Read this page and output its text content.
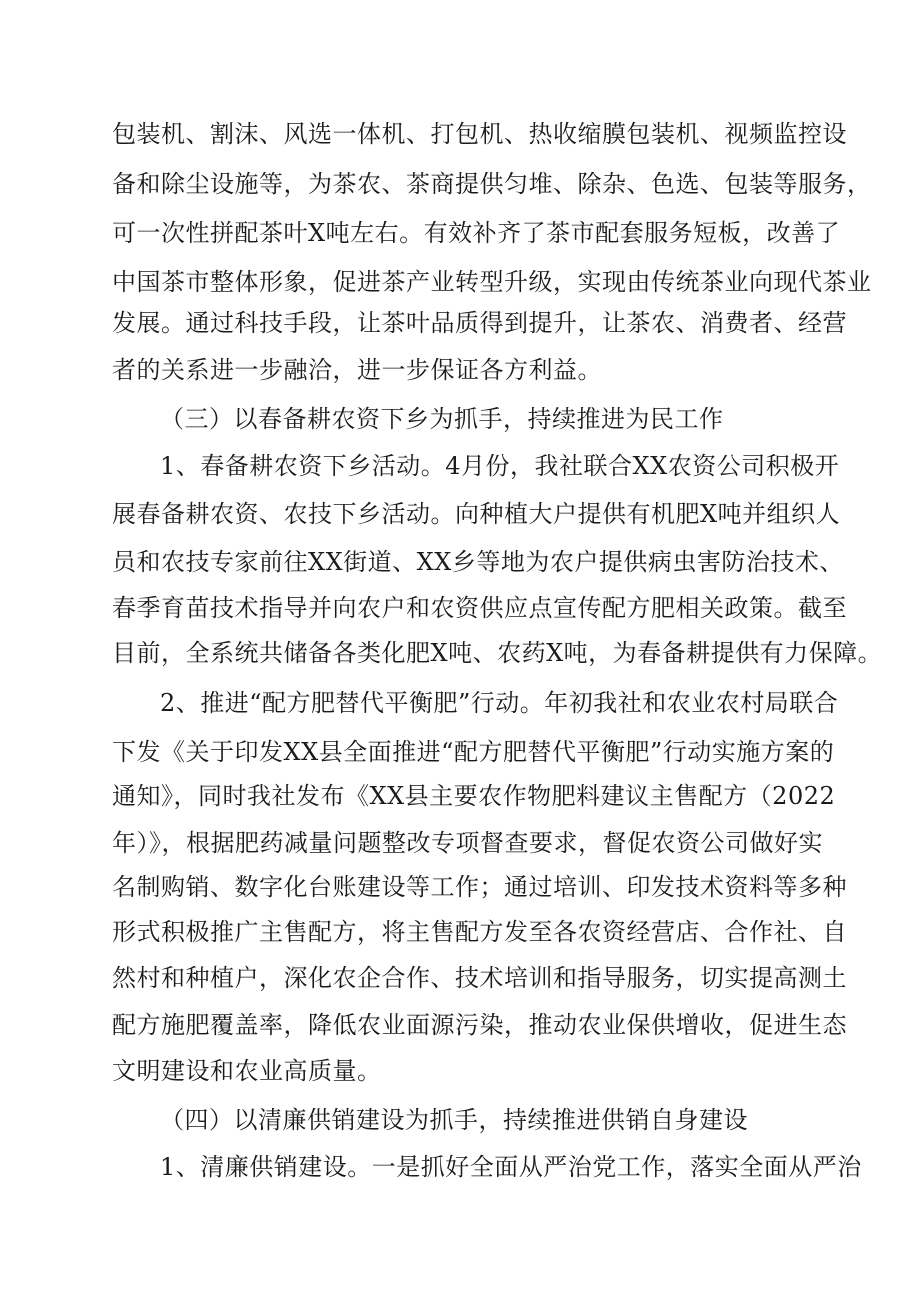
包装机、割沫、风选一体机、打包机、热收缩膜包装机、视频监控设
备和除尘设施等，为茶农、茶商提供匀堆、除杂、色选、包装等服务，
可一次性拼配茶叶X吨左右。有效补齐了茶市配套服务短板，改善了
中国茶市整体形象，促进茶产业转型升级，实现由传统茶业向现代茶业
发展。通过科技手段，让茶叶品质得到提升，让茶农、消费者、经营
者的关系进一步融洽，进一步保证各方利益。
（三）以春备耕农资下乡为抓手，持续推进为民工作
1、春备耕农资下乡活动。4月份，我社联合XX农资公司积极开
展春备耕农资、农技下乡活动。向种植大户提供有机肥X吨并组织人
员和农技专家前往XX街道、XX乡等地为农户提供病虫害防治技术、
春季育苗技术指导并向农户和农资供应点宣传配方肥相关政策。截至
目前，全系统共储备各类化肥X吨、农药X吨，为春备耕提供有力保障。
2、推进“配方肥替代平衡肥”行动。年初我社和农业农村局联合
下发《关于印发XX县全面推进“配方肥替代平衡肥”行动实施方案的
通知》，同时我社发布《XX县主要农作物肥料建议主售配方（2022
年）》，根据肥药减量问题整改专项督查要求，督促农资公司做好实
名制购销、数字化台账建设等工作；通过培训、印发技术资料等多种
形式积极推广主售配方，将主售配方发至各农资经营店、合作社、自
然村和种植户，深化农企合作、技术培训和指导服务，切实提高测土
配方施肥覆盖率，降低农业面源污染，推动农业保供增收，促进生态
文明建设和农业高质量。
（四）以清廉供销建设为抓手，持续推进供销自身建设
1、清廉供销建设。一是抓好全面从严治党工作，落实全面从严治
